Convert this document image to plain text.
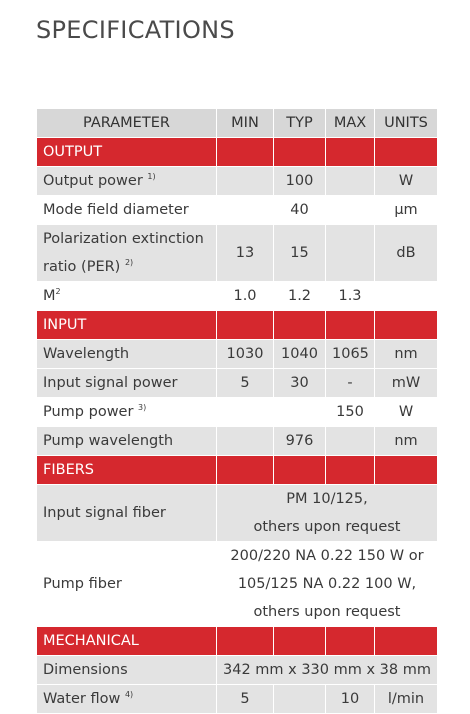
SPECIFICATIONS
PARAMETER	MIN	TYP	MAX	UNITS
OUTPUT				
Output power $^{1)}$		100		W
Mode field diameter		40		µm
Polarization extinction
ratio (PER) $^{2)}$	13	15		dB
$M^2$	1.0	1.2	1.3	
INPUT				
Wavelength	1030	1040	1065	nm
Input signal power	5	30	-	mW
Pump power $^{3)}$			150	W
Pump wavelength		976		nm
FIBERS				
Input signal fiber	PM 10/125,
others upon request			
Pump fiber	200/220 NA 0.22 150 W or
105/125 NA 0.22 100 W,
others upon request			
MECHANICAL				
Dimensions	342 mm x 330 mm x 38 mm			
Water flow $^{4)}$	5		10	l/min
